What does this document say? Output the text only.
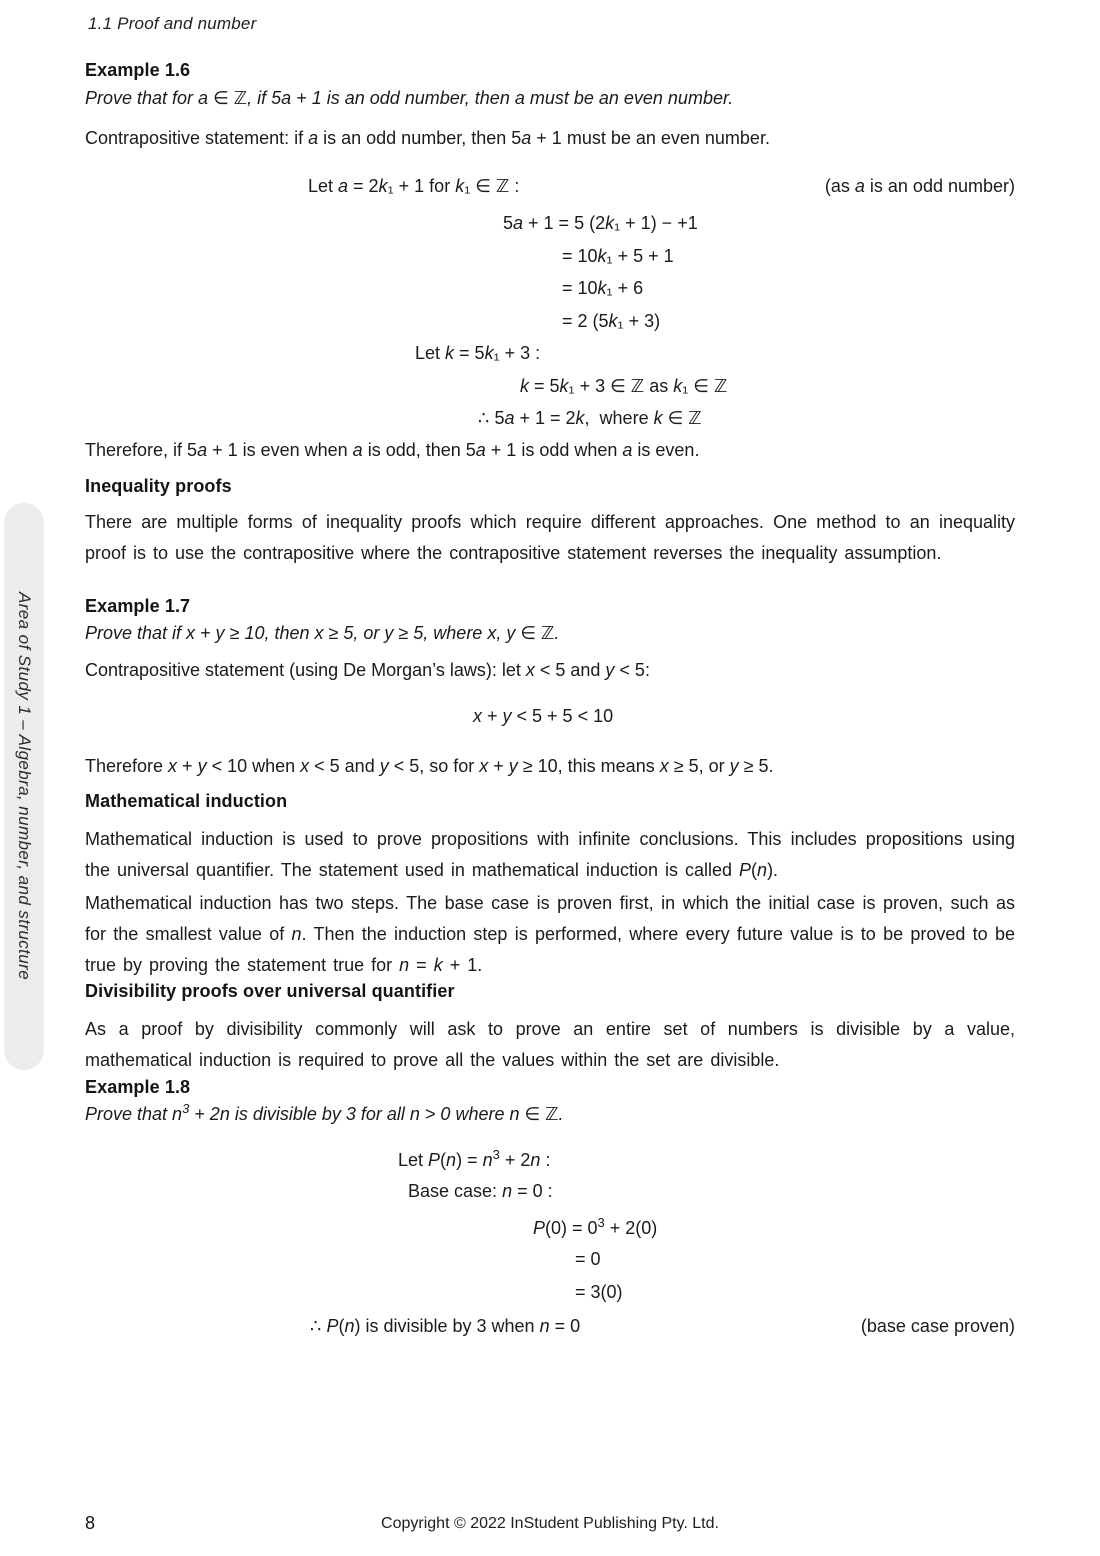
1.1 Proof and number
Area of Study 1 – Algebra, number, and structure
Example 1.6
Prove that for a ∈ ℤ, if 5a + 1 is an odd number, then a must be an even number.
Contrapositive statement: if a is an odd number, then 5a + 1 must be an even number.
Let a = 2k₁ + 1 for k₁ ∈ ℤ :	(as a is an odd number)
5a + 1 = 5 (2k₁ + 1) − +1
= 10k₁ + 5 + 1
= 10k₁ + 6
= 2 (5k₁ + 3)
Let k = 5k₁ + 3 :
k = 5k₁ + 3 ∈ ℤ as k₁ ∈ ℤ
∴ 5a + 1 = 2k,  where k ∈ ℤ
Therefore, if 5a + 1 is even when a is odd, then 5a + 1 is odd when a is even.
Inequality proofs
There are multiple forms of inequality proofs which require different approaches. One method to an inequality proof is to use the contrapositive where the contrapositive statement reverses the inequality assumption.
Example 1.7
Prove that if x + y ≥ 10, then x ≥ 5, or y ≥ 5, where x, y ∈ ℤ.
Contrapositive statement (using De Morgan’s laws): let x < 5 and y < 5:
x + y < 5 + 5 < 10
Therefore x + y < 10 when x < 5 and y < 5, so for x + y ≥ 10, this means x ≥ 5, or y ≥ 5.
Mathematical induction
Mathematical induction is used to prove propositions with infinite conclusions. This includes propositions using the universal quantifier. The statement used in mathematical induction is called P(n).
Mathematical induction has two steps. The base case is proven first, in which the initial case is proven, such as for the smallest value of n. Then the induction step is performed, where every future value is to be proved to be true by proving the statement true for n = k + 1.
Divisibility proofs over universal quantifier
As a proof by divisibility commonly will ask to prove an entire set of numbers is divisible by a value, mathematical induction is required to prove all the values within the set are divisible.
Example 1.8
Prove that $n^3 + 2n$ is divisible by 3 for all n > 0 where n ∈ ℤ.
Let $P(n) = n^3 + 2n$ :
Base case: n = 0 :
$P(0) = 0^3 + 2(0)$
= 0
= 3(0)
∴ P(n) is divisible by 3 when n = 0	(base case proven)
8	Copyright © 2022 InStudent Publishing Pty. Ltd.
